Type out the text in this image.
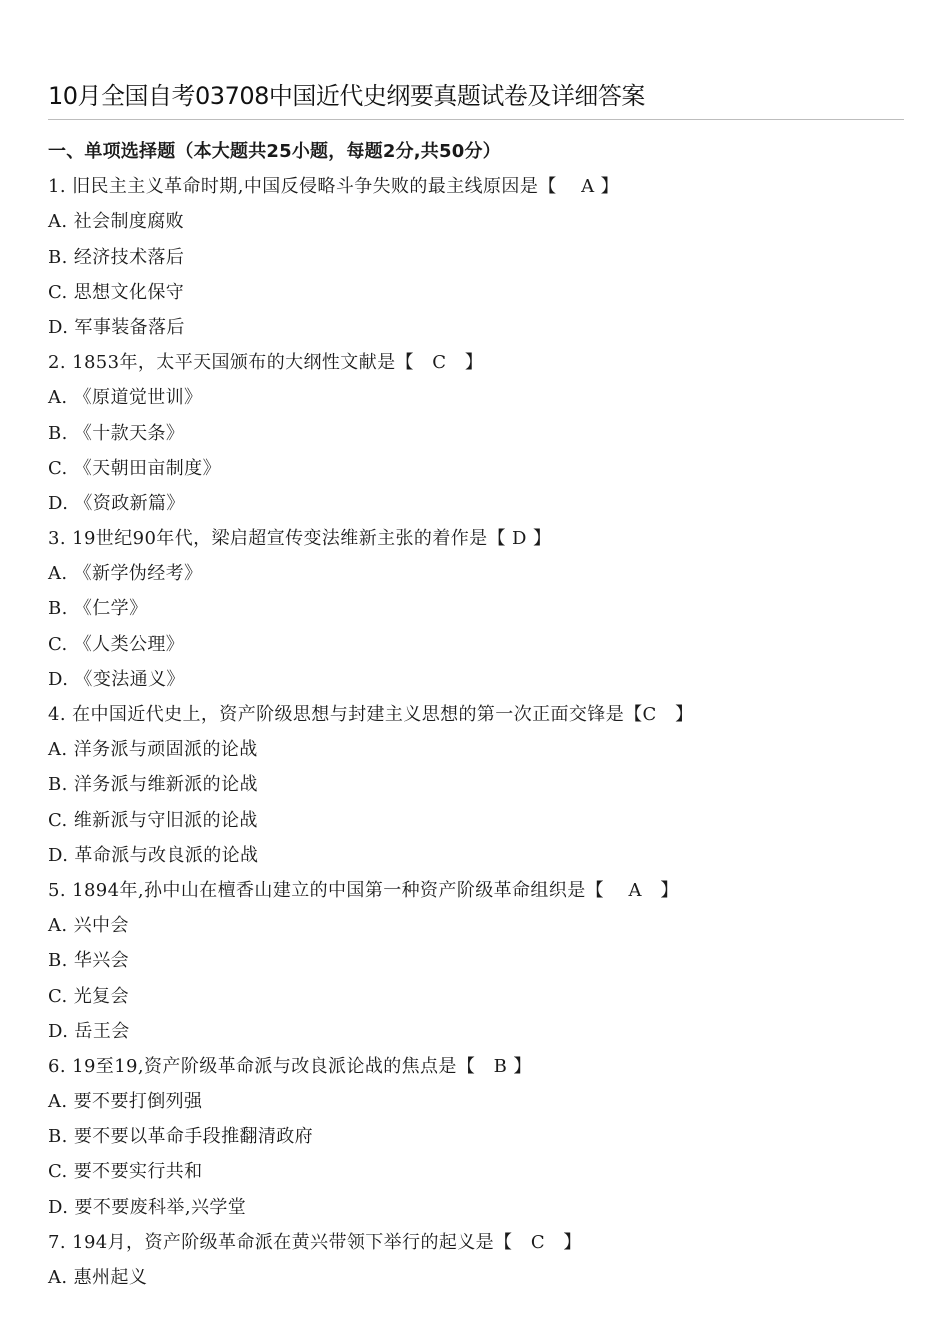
10月全国自考03708中国近代史纲要真题试卷及详细答案
一、单项选择题（本大题共25小题，每题2分,共50分）
1. 旧民主主义革命时期,中国反侵略斗争失败的最主线原因是【　 A 】
A. 社会制度腐败
B. 经济技术落后
C. 思想文化保守
D. 军事装备落后
2. 1853年，太平天国颁布的大纲性文献是【　C　】
A. 《原道觉世训》
B. 《十款天条》
C. 《天朝田亩制度》
D. 《资政新篇》
3. 19世纪90年代，梁启超宣传变法维新主张的着作是【 D 】
A. 《新学伪经考》
B. 《仁学》
C. 《人类公理》
D. 《变法通义》
4. 在中国近代史上，资产阶级思想与封建主义思想的第一次正面交锋是【C　】
A. 洋务派与顽固派的论战
B. 洋务派与维新派的论战
C. 维新派与守旧派的论战
D. 革命派与改良派的论战
5. 1894年,孙中山在檀香山建立的中国第一种资产阶级革命组织是【　 A　】
A. 兴中会
B. 华兴会
C. 光复会
D. 岳王会
6. 19至19,资产阶级革命派与改良派论战的焦点是【　B 】
A. 要不要打倒列强
B. 要不要以革命手段推翻清政府
C. 要不要实行共和
D. 要不要废科举,兴学堂
7. 194月，资产阶级革命派在黄兴带领下举行的起义是【　C　】
A. 惠州起义
